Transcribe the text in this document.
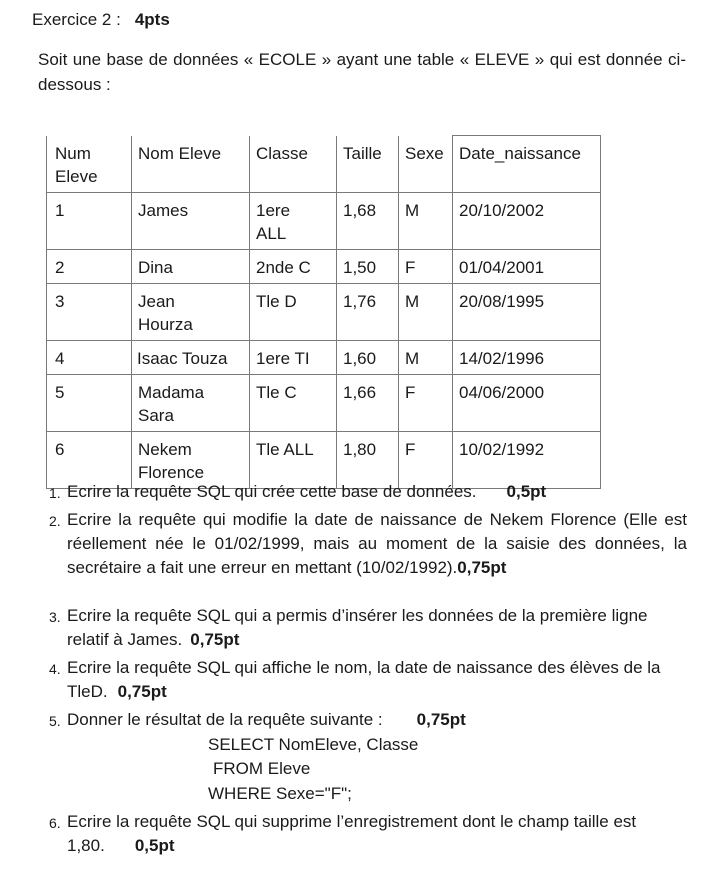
Exercice 2 : 4pts
Soit une base de données « ECOLE » ayant une table « ELEVE » qui est donnée ci-dessous :
Num Eleve	Nom Eleve	Classe	Taille	Sexe	Date_naissance
1	James	1ere ALL	1,68	M	20/10/2002
2	Dina	2nde C	1,50	F	01/04/2001
3	Jean Hourza	Tle D	1,76	M	20/08/1995
4	Isaac Touza	1ere TI	1,60	M	14/02/1996
5	Madama Sara	Tle C	1,66	F	04/06/2000
6	Nekem Florence	Tle ALL	1,80	F	10/02/1992
1. Ecrire la requête SQL qui crée cette base de données. 0,5pt
2. Ecrire la requête qui modifie la date de naissance de Nekem Florence (Elle est réellement née le 01/02/1999, mais au moment de la saisie des données, la secrétaire a fait une erreur en mettant (10/02/1992).0,75pt
3. Ecrire la requête SQL qui a permis d’insérer les données de la première ligne relatif à James. 0,75pt
4. Ecrire la requête SQL qui affiche le nom, la date de naissance des élèves de la TleD. 0,75pt
5. Donner le résultat de la requête suivante : 0,75pt
SELECT NomEleve, Classe
FROM Eleve
WHERE Sexe="F";
6. Ecrire la requête SQL qui supprime l’enregistrement dont le champ taille est 1,80. 0,5pt
